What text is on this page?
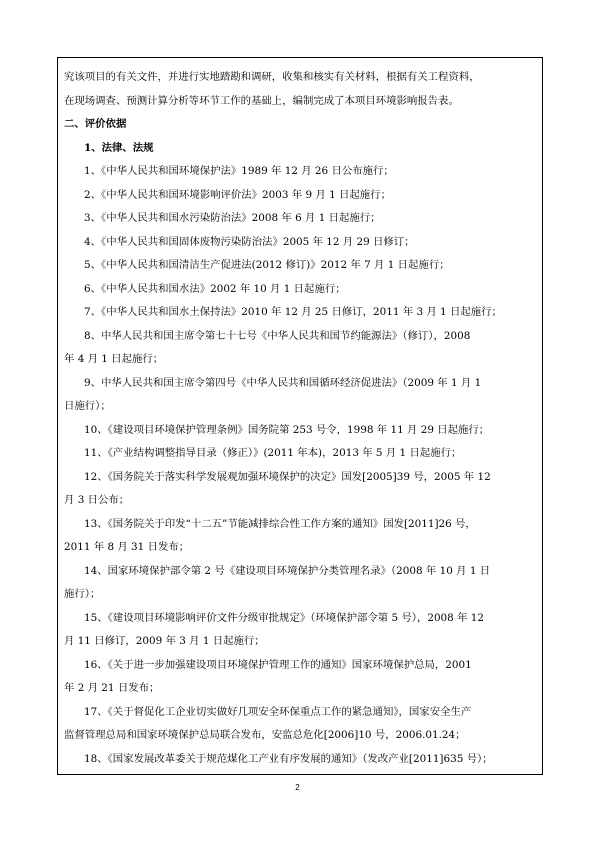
究该项目的有关文件，并进行实地踏勘和调研，收集和核实有关材料，根据有关工程资料，
在现场调查、预测计算分析等环节工作的基础上，编制完成了本项目环境影响报告表。
二、评价依据
1、法律、法规
1、《中华人民共和国环境保护法》1989 年 12 月 26 日公布施行；
2、《中华人民共和国环境影响评价法》2003 年 9 月 1 日起施行；
3、《中华人民共和国水污染防治法》2008 年 6 月 1 日起施行；
4、《中华人民共和国固体废物污染防治法》2005 年 12 月 29 日修订；
5、《中华人民共和国清洁生产促进法(2012 修订)》2012 年 7 月 1 日起施行；
6、《中华人民共和国水法》2002 年 10 月 1 日起施行；
7、《中华人民共和国水土保持法》2010 年 12 月 25 日修订，2011 年 3 月 1 日起施行；
8、中华人民共和国主席令第七十七号《中华人民共和国节约能源法》（修订），2008
年 4 月 1 日起施行；
9、中华人民共和国主席令第四号《中华人民共和国循环经济促进法》（2009 年 1 月 1
日施行）；
10、《建设项目环境保护管理条例》国务院第 253 号令，1998 年 11 月 29 日起施行；
11、《产业结构调整指导目录（修正）》(2011 年本)，2013 年 5 月 1 日起施行；
12、《国务院关于落实科学发展观加强环境保护的决定》国发[2005]39 号，2005 年 12
月 3 日公布；
13、《国务院关于印发“十二五”节能减排综合性工作方案的通知》国发[2011]26 号，
2011 年 8 月 31 日发布；
14、国家环境保护部令第 2 号《建设项目环境保护分类管理名录》（2008 年 10 月 1 日
施行）；
15、《建设项目环境影响评价文件分级审批规定》（环境保护部令第 5 号），2008 年 12
月 11 日修订，2009 年 3 月 1 日起施行；
16、《关于进一步加强建设项目环境保护管理工作的通知》国家环境保护总局，2001
年 2 月 21 日发布；
17、《关于督促化工企业切实做好几项安全环保重点工作的紧急通知》，国家安全生产
监督管理总局和国家环境保护总局联合发布，安监总危化[2006]10 号，2006.01.24；
18、《国家发展改革委关于规范煤化工产业有序发展的通知》（发改产业[2011]635 号）；
2
